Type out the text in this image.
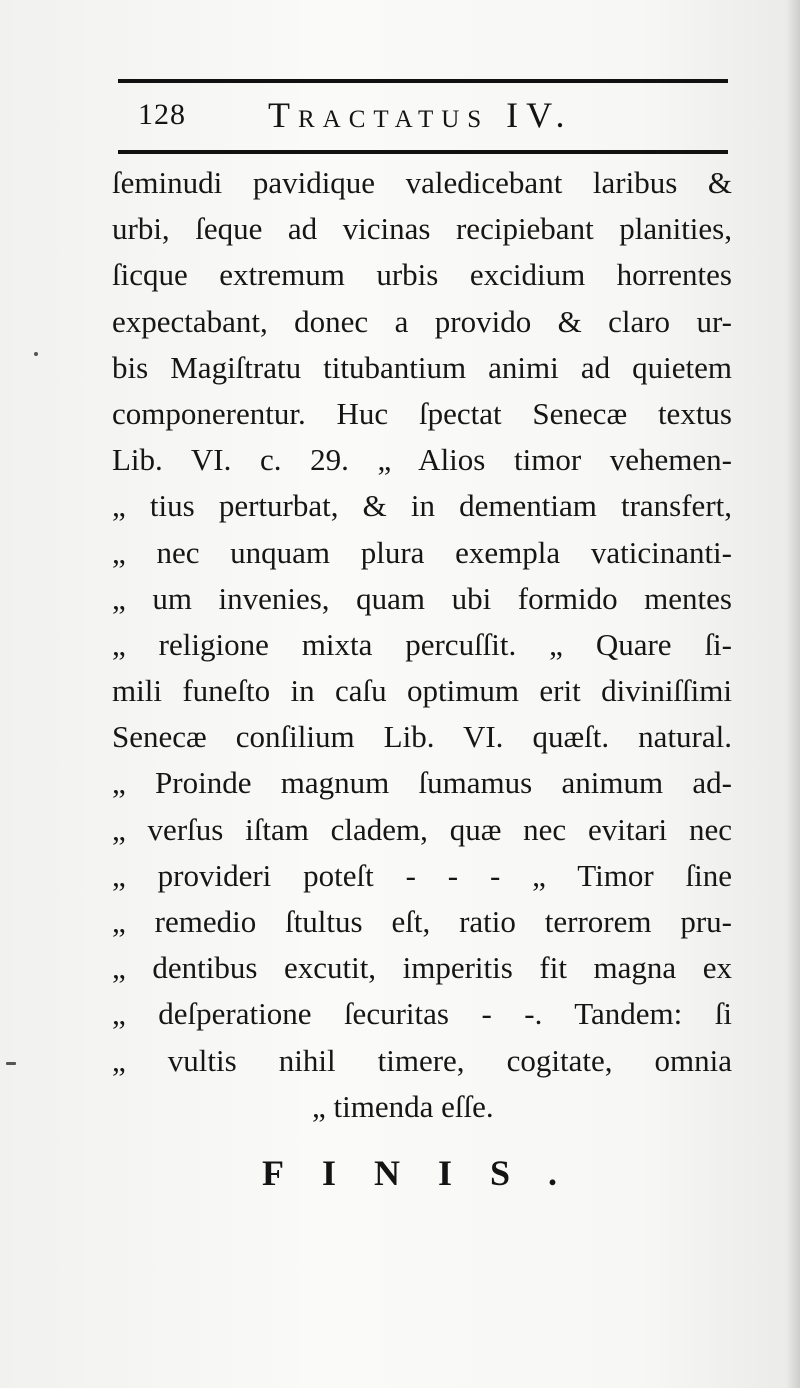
128 Tractatus IV.
ſeminudi pavidique valedicebant laribus &
urbi, ſeque ad vicinas recipiebant planities,
ſicque extremum urbis excidium horrentes
expectabant, donec a provido & claro ur-
bis Magiſtratu titubantium animi ad quietem
componerentur. Huc ſpectat Senecæ textus
Lib. VI. c. 29. „ Alios timor vehemen-
„ tius perturbat, & in dementiam transfert,
„ nec unquam plura exempla vaticinanti-
„ um invenies, quam ubi formido mentes
„ religione mixta percuſſit. „ Quare ſi-
mili funeſto in caſu optimum erit diviniſſimi
Senecæ conſilium Lib. VI. quæſt. natural.
„ Proinde magnum ſumamus animum ad-
„ verſus iſtam cladem, quæ nec evitari nec
„ provideri poteſt - - - „ Timor ſine
„ remedio ſtultus eſt, ratio terrorem pru-
„ dentibus excutit, imperitis fit magna ex
„ deſperatione ſecuritas - -. Tandem: ſi
„ vultis nihil timere, cogitate, omnia
„ timenda eſſe.
FINIS.
